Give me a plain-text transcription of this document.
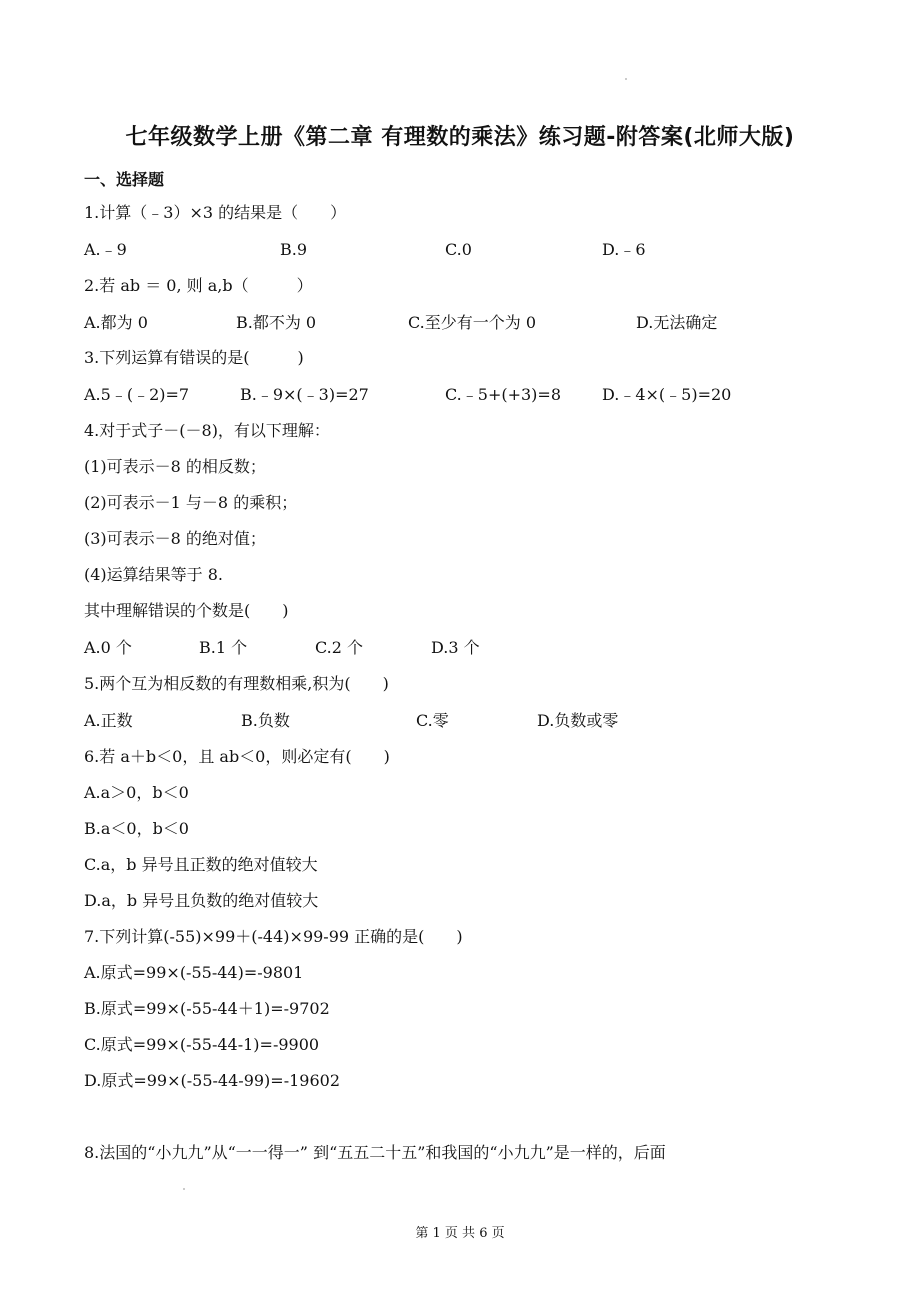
七年级数学上册《第二章 有理数的乘法》练习题-附答案(北师大版)
一、选择题
1.计算（﹣3）×3 的结果是（　　）
A.﹣9	B.9	C.0	D.﹣6
2.若 ab ＝ 0, 则 a,b（　　　）
A.都为 0	B.都不为 0	C.至少有一个为 0	D.无法确定
3.下列运算有错误的是(　　　)
A.5﹣(﹣2)=7	B.﹣9×(﹣3)=27	C.﹣5+(+3)=8	D.﹣4×(﹣5)=20
4.对于式子－(－8)，有以下理解：
(1)可表示－8 的相反数；
(2)可表示－1 与－8 的乘积；
(3)可表示－8 的绝对值；
(4)运算结果等于 8.
其中理解错误的个数是(　　)
A.0 个	B.1 个	C.2 个	D.3 个
5.两个互为相反数的有理数相乘,积为(　　)
A.正数	B.负数	C.零	D.负数或零
6.若 a＋b＜0，且 ab＜0，则必定有(　　)
A.a＞0，b＜0
B.a＜0，b＜0
C.a，b 异号且正数的绝对值较大
D.a，b 异号且负数的绝对值较大
7.下列计算(-55)×99＋(-44)×99-99 正确的是(　　)
A.原式=99×(-55-44)=-9801
B.原式=99×(-55-44＋1)=-9702
C.原式=99×(-55-44-1)=-9900
D.原式=99×(-55-44-99)=-19602
8.法国的“小九九”从“一一得一” 到“五五二十五”和我国的“小九九”是一样的，后面
第 1 页 共 6 页
